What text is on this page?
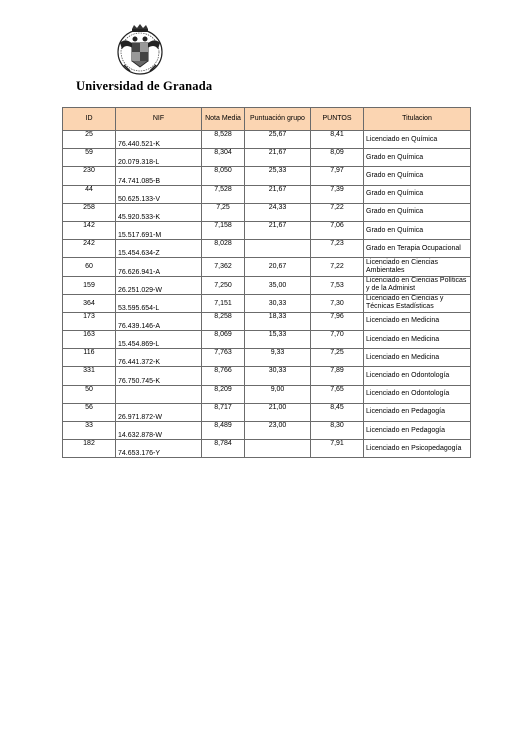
Universidad de Granada
ID	NIF	Nota Media	Puntuación grupo	PUNTOS	Titulacion
25	76.440.521-K	8,528	25,67	8,41	Licenciado en Química
59	20.079.318-L	8,304	21,67	8,09	Grado en Química
230	74.741.085-B	8,050	25,33	7,97	Grado en Química
44	50.625.133-V	7,528	21,67	7,39	Grado en Química
258	45.920.533-K	7,25	24,33	7,22	Grado en Química
142	15.517.691-M	7,158	21,67	7,06	Grado en Química
242	15.454.634-Z	8,028		7,23	Grado en Terapia Ocupacional
60	76.626.941-A	7,362	20,67	7,22	Licenciado en Ciencias Ambientales
159	26.251.029-W	7,250	35,00	7,53	Licenciado en Ciencias Políticas y de la Administ
364	53.595.654-L	7,151	30,33	7,30	Licenciado en Ciencias y Técnicas Estadísticas
173	76.439.146-A	8,258	18,33	7,96	Licenciado en Medicina
163	15.454.869-L	8,069	15,33	7,70	Licenciado en Medicina
116	76.441.372-K	7,763	9,33	7,25	Licenciado en Medicina
331	76.750.745-K	8,766	30,33	7,89	Licenciado en Odontología
50		8,209	9,00	7,65	Licenciado en Odontología
56	26.971.872-W	8,717	21,00	8,45	Licenciado en Pedagogía
33	14.632.878-W	8,489	23,00	8,30	Licenciado en Pedagogía
182	74.653.176-Y	8,784		7,91	Licenciado en Psicopedagogía
